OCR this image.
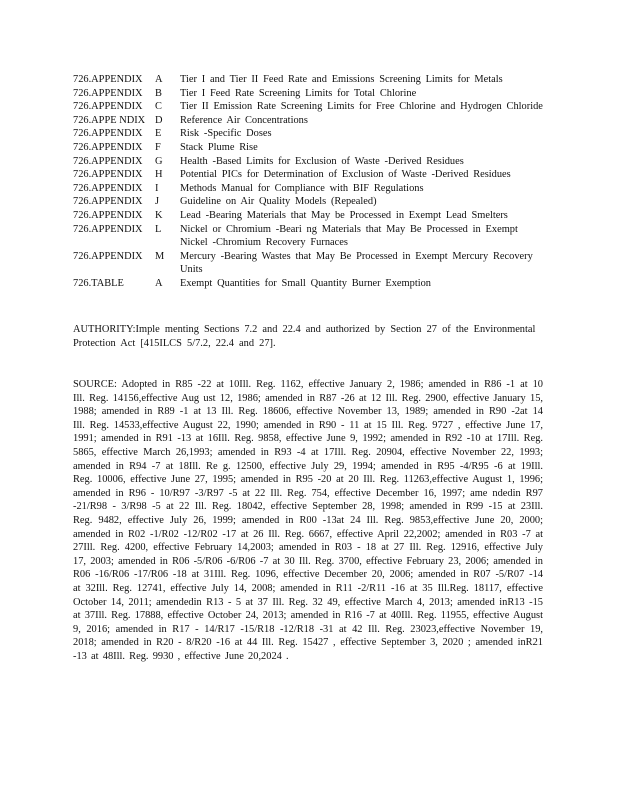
726.APPENDIX	A	Tier I and Tier II Feed Rate and Emissions Screening Limits for Metals
726.APPENDIX	B	Tier I Feed Rate Screening Limits for Total Chlorine
726.APPENDIX	C	Tier II Emission Rate Screening Limits for Free Chlorine and Hydrogen Chloride
726.APPE NDIX D	Reference Air Concentrations
726.APPENDIX	E	Risk -Specific Doses
726.APPENDIX	F	Stack Plume Rise
726.APPENDIX	G	Health -Based Limits for Exclusion of Waste -Derived Residues
726.APPENDIX	H	Potential PICs for Determination of Exclusion of Waste -Derived Residues
726.APPENDIX	I	Methods Manual for Compliance with BIF Regulations
726.APPENDIX	J	Guideline on Air Quality Models (Repealed)
726.APPENDIX	K	Lead -Bearing Materials that May be Processed in Exempt Lead Smelters
726.APPENDIX	L	Nickel or Chromium -Beari ng Materials that May Be Processed in Exempt Nickel -Chromium Recovery Furnaces
726.APPENDIX	M	Mercury -Bearing Wastes that May Be Processed in Exempt Mercury Recovery Units
726.TABLE	A	Exempt Quantities for Small Quantity Burner Exemption
AUTHORITY:Imple menting Sections 7.2 and 22.4 and authorized by Section 27 of the Environmental Protection Act [415ILCS 5/7.2, 22.4 and 27].
SOURCE: Adopted in R85 -22 at 10Ill. Reg. 1162, effective January 2, 1986; amended in R86 -1 at 10 Ill. Reg. 14156,effective Aug ust 12, 1986; amended in R87 -26 at 12 Ill. Reg. 2900, effective January 15, 1988; amended in R89 -1 at 13 Ill. Reg. 18606, effective November 13, 1989; amended in R90 -2at 14 Ill. Reg. 14533,effective August 22, 1990; amended in R90 - 11 at 15 Ill. Reg. 9727 , effective June 17, 1991; amended in R91 -13 at 16Ill. Reg. 9858, effective June 9, 1992; amended in R92 -10 at 17Ill. Reg. 5865, effective March 26,1993; amended in R93 -4 at 17Ill. Reg. 20904, effective November 22, 1993; amended in R94 -7 at 18Ill. Re g. 12500, effective July 29, 1994; amended in R95 -4/R95 -6 at 19Ill. Reg. 10006, effective June 27, 1995; amended in R95 -20 at 20 Ill. Reg. 11263,effective August 1, 1996; amended in R96 - 10/R97 -3/R97 -5 at 22 Ill. Reg. 754, effective December 16, 1997; ame ndedin R97 -21/R98 - 3/R98 -5 at 22 Ill. Reg. 18042, effective September 28, 1998; amended in R99 -15 at 23Ill. Reg. 9482, effective July 26, 1999; amended in R00 -13at 24 Ill. Reg. 9853,effective June 20, 2000; amended in R02 -1/R02 -12/R02 -17 at 26 Ill. Reg. 6667, effective April 22,2002; amended in R03 -7 at 27Ill. Reg. 4200, effective February 14,2003; amended in R03 - 18 at 27 Ill. Reg. 12916, effective July 17, 2003; amended in R06 -5/R06 -6/R06 -7 at 30 Ill. Reg. 3700, effective February 23, 2006; amended in R06 -16/R06 -17/R06 -18 at 31Ill. Reg. 1096, effective December 20, 2006; amended in R07 -5/R07 -14 at 32Ill. Reg. 12741, effective July 14, 2008; amended in R11 -2/R11 -16 at 35 Ill.Reg. 18117, effective October 14, 2011; amendedin R13 - 5 at 37 Ill. Reg. 32 49, effective March 4, 2013; amended inR13 -15 at 37Ill. Reg. 17888, effective October 24, 2013; amended in R16 -7 at 40Ill. Reg. 11955, effective August 9, 2016; amended in R17 - 14/R17 -15/R18 -12/R18 -31 at 42 Ill. Reg. 23023,effective November 19, 2018; amended in R20 - 8/R20 -16 at 44 Ill. Reg. 15427 , effective September 3, 2020 ; amended inR21 -13 at 48Ill. Reg. 9930 , effective June 20,2024 .
